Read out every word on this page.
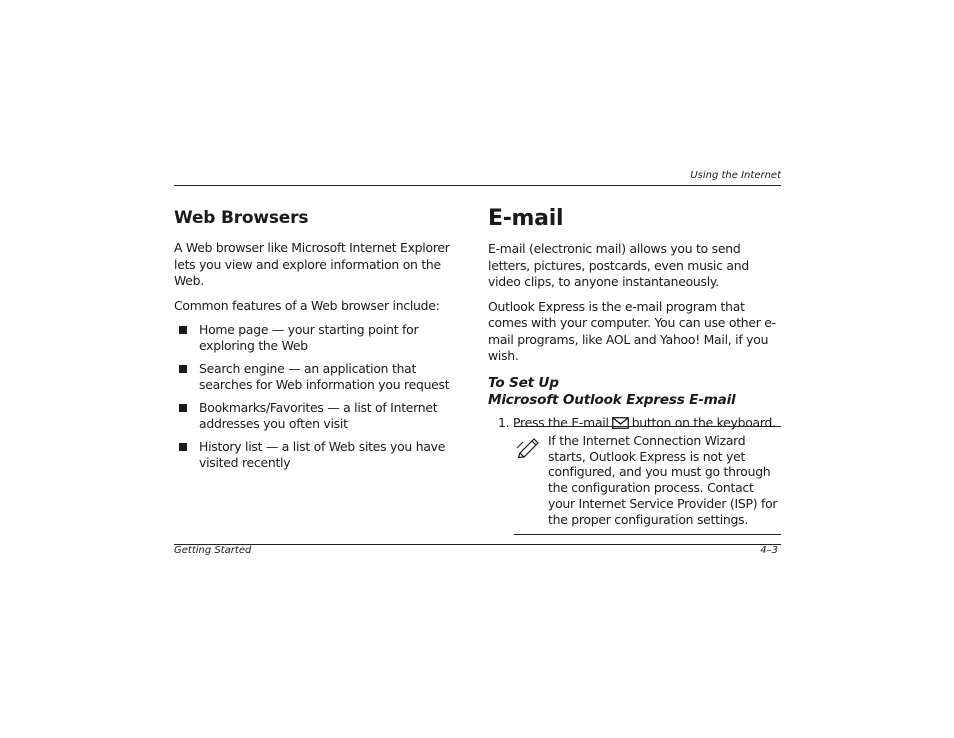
Using the Internet
Web Browsers

A Web browser like Microsoft Internet Explorer lets you view and explore information on the Web.

Common features of a Web browser include:

Home page — your starting point for exploring the Web
Search engine — an application that searches for Web information you request
Bookmarks/Favorites — a list of Internet addresses you often visit
History list — a list of Web sites you have visited recently
E-mail

E-mail (electronic mail) allows you to send letters, pictures, postcards, even music and video clips, to anyone instantaneously.

Outlook Express is the e-mail program that comes with your computer. You can use other e-mail programs, like AOL and Yahoo! Mail, if you wish.

To Set Up
Microsoft Outlook Express E-mail
1. Press the E-mail button on the keyboard.

If the Internet Connection Wizard starts, Outlook Express is not yet configured, and you must go through the configuration process. Contact your Internet Service Provider (ISP) for the proper configuration settings.

Getting Started	4–3
